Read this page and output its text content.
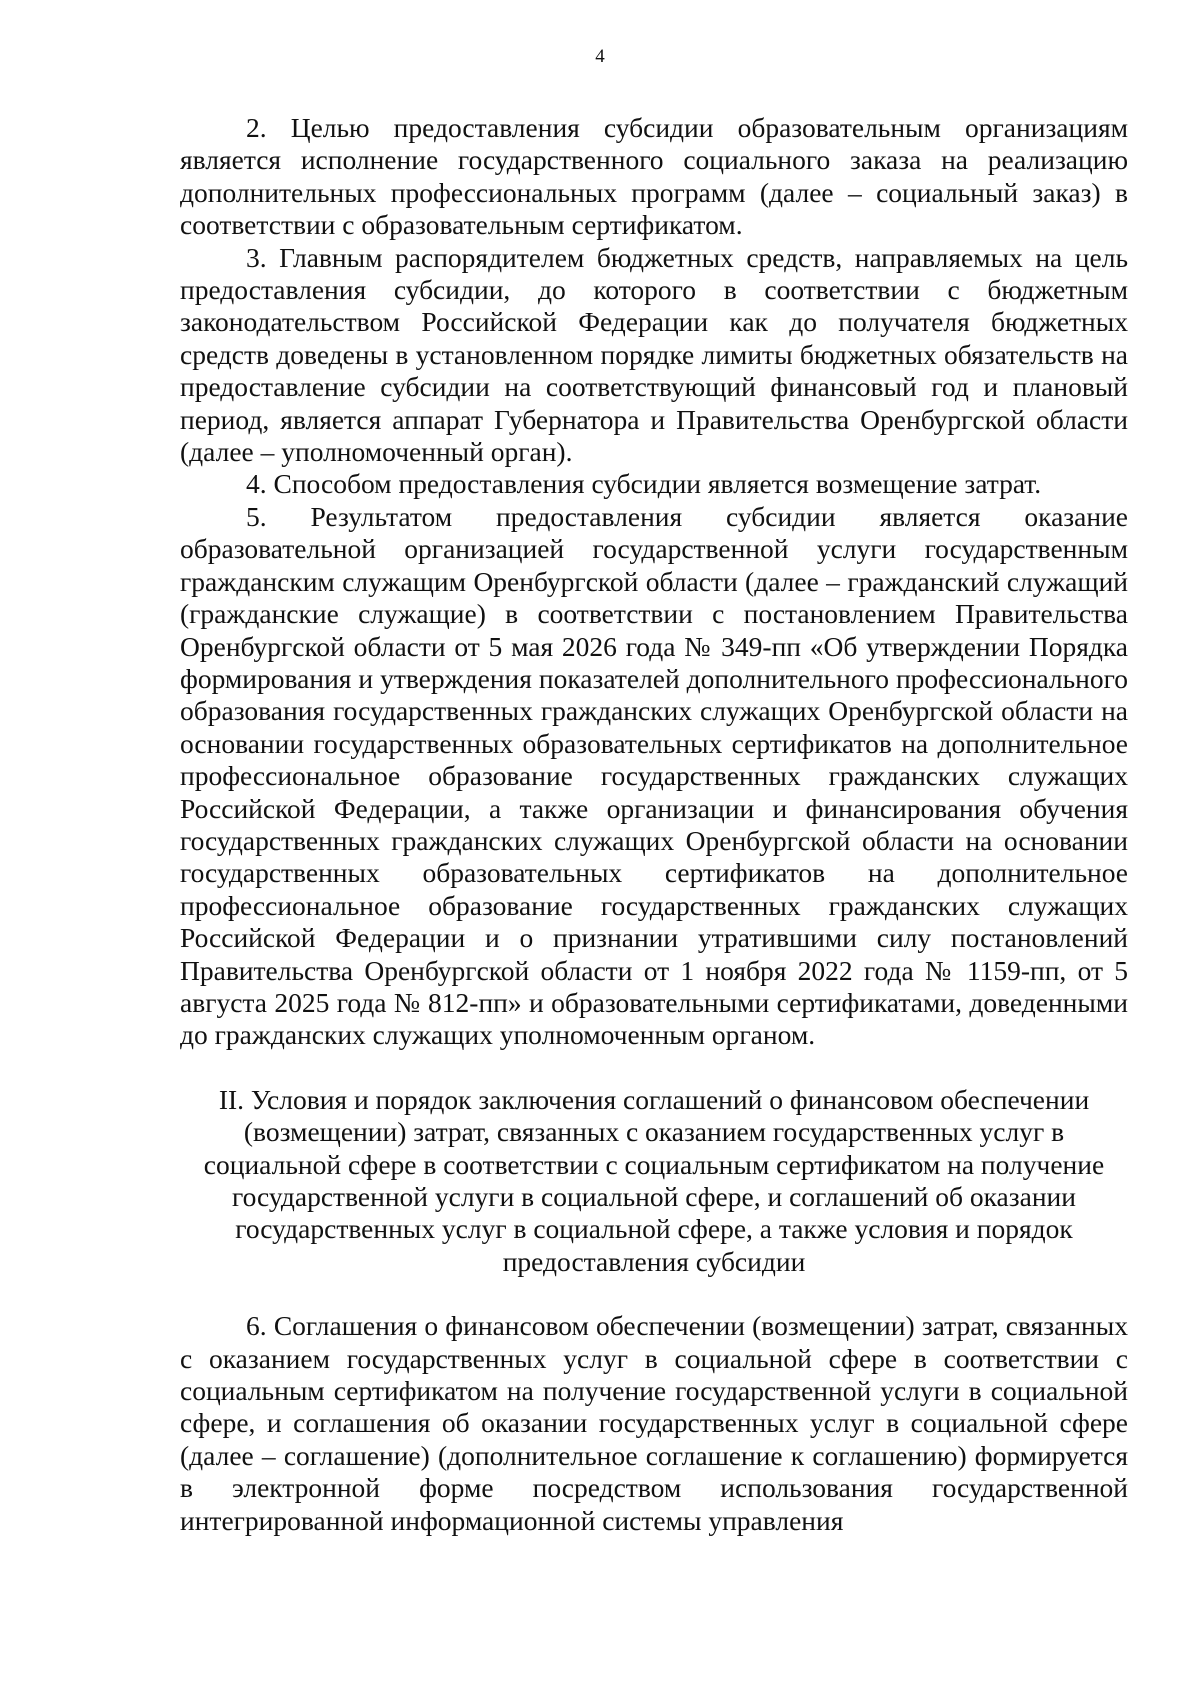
4

2. Целью предоставления субсидии образовательным организациям является исполнение государственного социального заказа на реализацию дополнительных профессиональных программ (далее – социальный заказ) в соответствии с образовательным сертификатом.

3. Главным распорядителем бюджетных средств, направляемых на цель предоставления субсидии, до которого в соответствии с бюджетным законодательством Российской Федерации как до получателя бюджетных средств доведены в установленном порядке лимиты бюджетных обязательств на предоставление субсидии на соответствующий финансовый год и плановый период, является аппарат Губернатора и Правительства Оренбургской области (далее – уполномоченный орган).

4. Способом предоставления субсидии является возмещение затрат.

5. Результатом предоставления субсидии является оказание образовательной организацией государственной услуги государственным гражданским служащим Оренбургской области (далее – гражданский служащий (гражданские служащие) в соответствии с постановлением Правительства Оренбургской области от 5 мая 2026 года № 349-пп «Об утверждении Порядка формирования и утверждения показателей дополнительного профессионального образования государственных гражданских служащих Оренбургской области на основании государственных образовательных сертификатов на дополнительное профессиональное образование государственных гражданских служащих Российской Федерации, а также организации и финансирования обучения государственных гражданских служащих Оренбургской области на основании государственных образовательных сертификатов на дополнительное профессиональное образование государственных гражданских служащих Российской Федерации и о признании утратившими силу постановлений Правительства Оренбургской области от 1 ноября 2022 года № 1159-пп, от 5 августа 2025 года № 812-пп» и образовательными сертификатами, доведенными до гражданских служащих уполномоченным органом.

II. Условия и порядок заключения соглашений о финансовом обеспечении (возмещении) затрат, связанных с оказанием государственных услуг в социальной сфере в соответствии с социальным сертификатом на получение государственной услуги в социальной сфере, и соглашений об оказании государственных услуг в социальной сфере, а также условия и порядок предоставления субсидии

6. Соглашения о финансовом обеспечении (возмещении) затрат, связанных с оказанием государственных услуг в социальной сфере в соответствии с социальным сертификатом на получение государственной услуги в социальной сфере, и соглашения об оказании государственных услуг в социальной сфере (далее – соглашение) (дополнительное соглашение к соглашению) формируется в электронной форме посредством использования государственной интегрированной информационной системы управления
